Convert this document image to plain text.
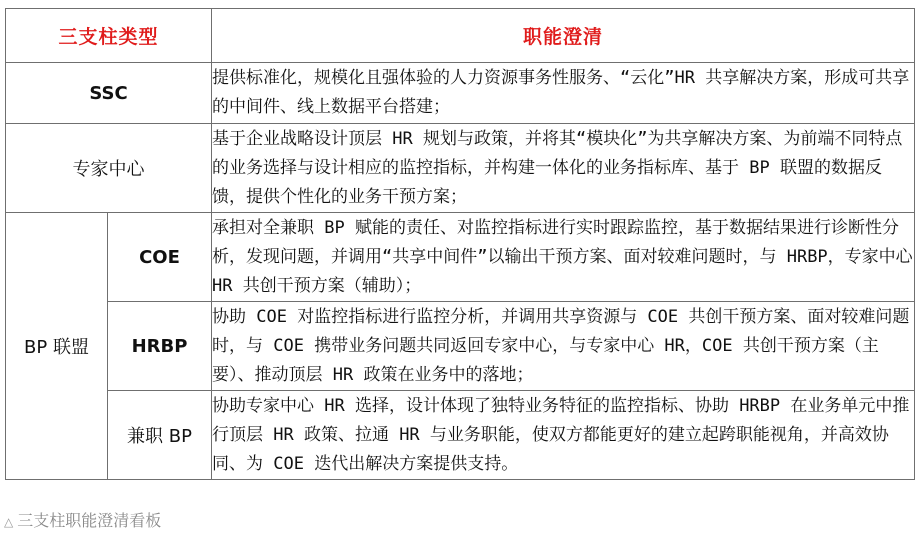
三支柱类型		职能澄清
SSC		提供标准化，规模化且强体验的人力资源事务性服务、“云化”HR 共享解决方案，形成可共享的中间件、线上数据平台搭建；
专家中心		基于企业战略设计顶层 HR 规划与政策，并将其“模块化”为共享解决方案、为前端不同特点的业务选择与设计相应的监控指标，并构建一体化的业务指标库、基于 BP 联盟的数据反馈，提供个性化的业务干预方案；
BP 联盟	COE	承担对全兼职 BP 赋能的责任、对监控指标进行实时跟踪监控，基于数据结果进行诊断性分析，发现问题，并调用“共享中间件”以输出干预方案、面对较难问题时，与 HRBP，专家中心 HR 共创干预方案（辅助）；
	HRBP	协助 COE 对监控指标进行监控分析，并调用共享资源与 COE 共创干预方案、面对较难问题时，与 COE 携带业务问题共同返回专家中心，与专家中心 HR，COE 共创干预方案（主要）、推动顶层 HR 政策在业务中的落地；
	兼职 BP	协助专家中心 HR 选择，设计体现了独特业务特征的监控指标、协助 HRBP 在业务单元中推行顶层 HR 政策、拉通 HR 与业务职能，使双方都能更好的建立起跨职能视角，并高效协同、为 COE 迭代出解决方案提供支持。
△ 三支柱职能澄清看板
